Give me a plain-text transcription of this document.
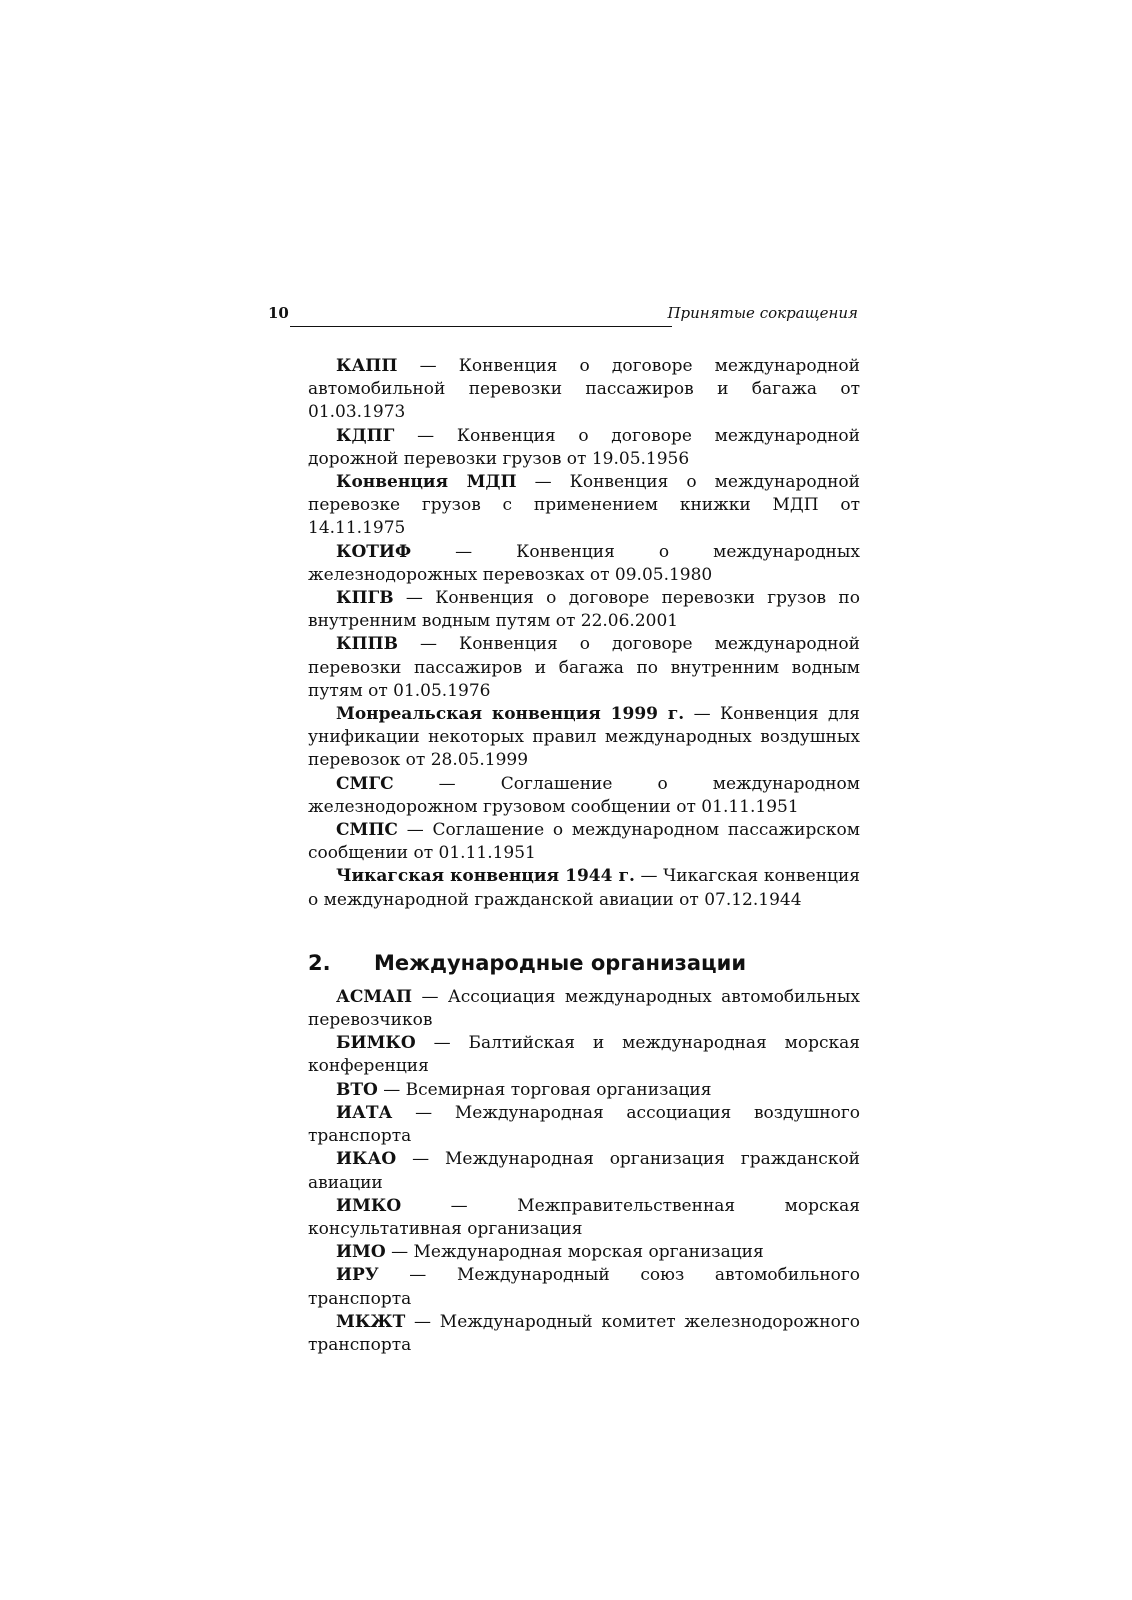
10	Принятые сокращения

КАПП — Конвенция о договоре международной автомобильной перевозки пассажиров и багажа от 01.03.1973

КДПГ — Конвенция о договоре международной дорожной перевозки грузов от 19.05.1956

Конвенция МДП — Конвенция о международной перевозке грузов с применением книжки МДП от 14.11.1975

КОТИФ — Конвенция о международных железнодорожных перевозках от 09.05.1980

КПГВ — Конвенция о договоре перевозки грузов по внутренним водным путям от 22.06.2001

КППВ — Конвенция о договоре международной перевозки пассажиров и багажа по внутренним водным путям от 01.05.1976

Монреальская конвенция 1999 г. — Конвенция для унификации некоторых правил международных воздушных перевозок от 28.05.1999

СМГС — Соглашение о международном железнодорожном грузовом сообщении от 01.11.1951

СМПС — Соглашение о международном пассажирском сообщении от 01.11.1951

Чикагская конвенция 1944 г. — Чикагская конвенция о международной гражданской авиации от 07.12.1944

2. Международные организации

АСМАП — Ассоциация международных автомобильных перевозчиков

БИМКО — Балтийская и международная морская конференция

ВТО — Всемирная торговая организация

ИАТА — Международная ассоциация воздушного транспорта

ИКАО — Международная организация гражданской авиации

ИМКО — Межправительственная морская консультативная организация

ИМО — Международная морская организация

ИРУ — Международный союз автомобильного транспорта

МКЖТ — Международный комитет железнодорожного транспорта
